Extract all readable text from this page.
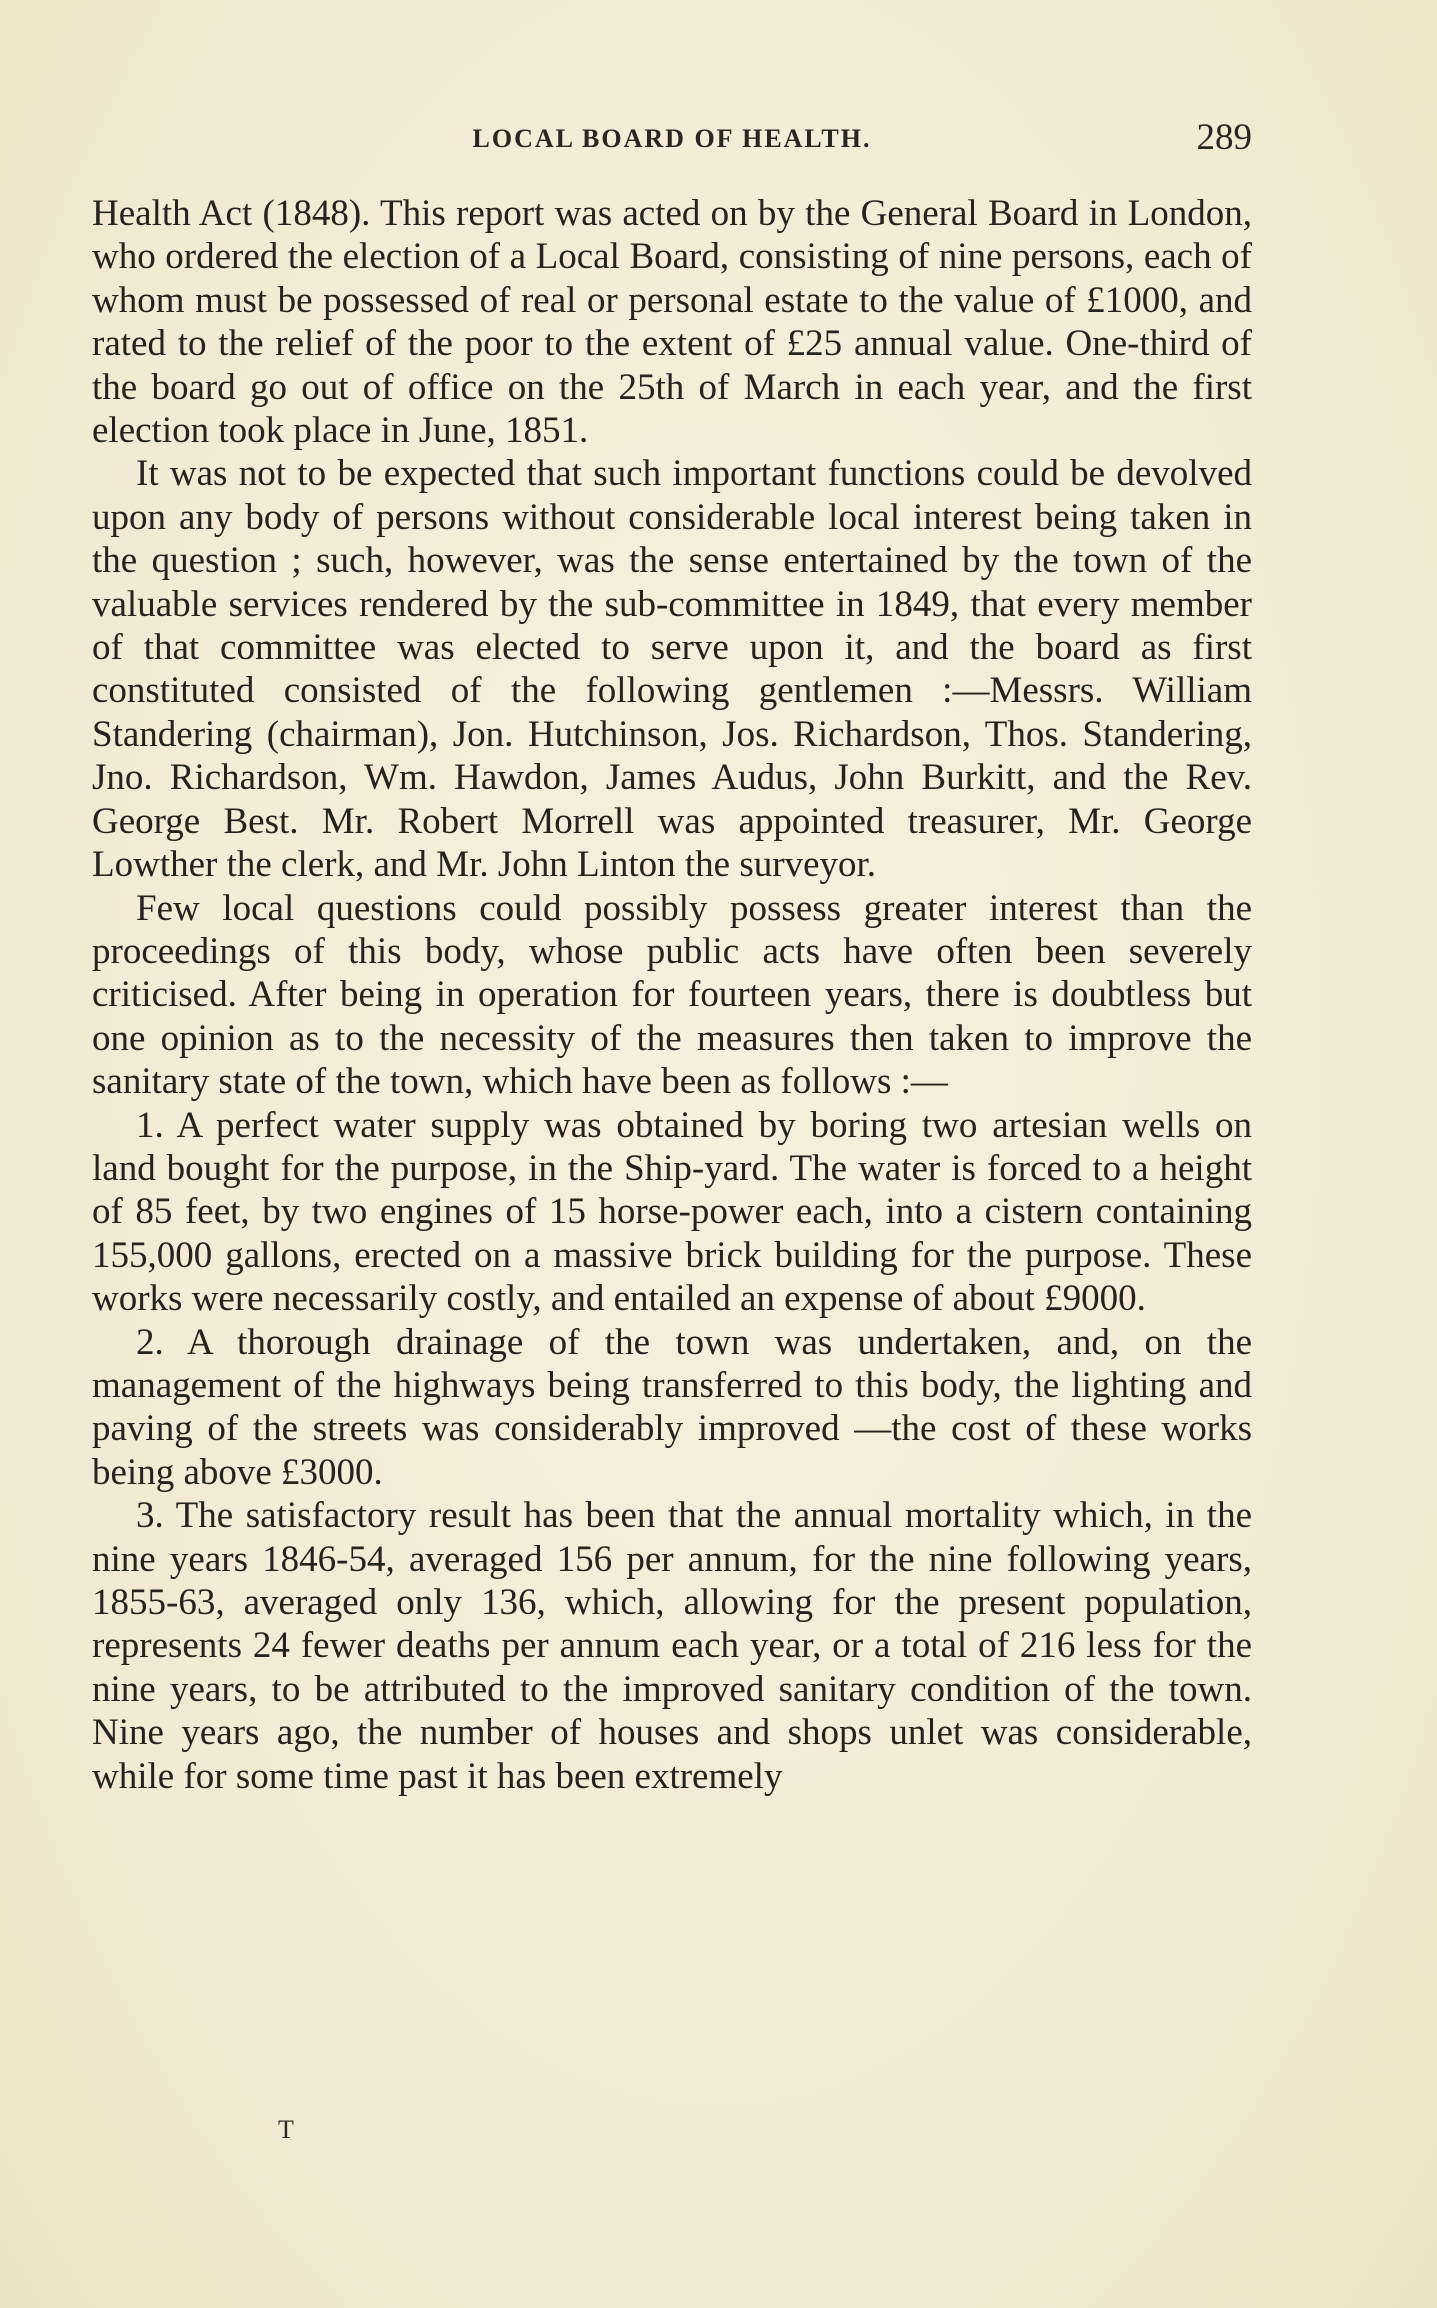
LOCAL BOARD OF HEALTH.	289

Health Act (1848). This report was acted on by the General Board in London, who ordered the election of a Local Board, consisting of nine persons, each of whom must be possessed of real or personal estate to the value of £1000, and rated to the relief of the poor to the extent of £25 annual value. One-third of the board go out of office on the 25th of March in each year, and the first election took place in June, 1851.

It was not to be expected that such important functions could be devolved upon any body of persons without considerable local interest being taken in the question ; such, however, was the sense entertained by the town of the valuable services rendered by the sub-committee in 1849, that every member of that committee was elected to serve upon it, and the board as first constituted consisted of the following gentlemen :—Messrs. William Standering (chairman), Jon. Hutchinson, Jos. Richardson, Thos. Standering, Jno. Richardson, Wm. Hawdon, James Audus, John Burkitt, and the Rev. George Best. Mr. Robert Morrell was appointed treasurer, Mr. George Lowther the clerk, and Mr. John Linton the surveyor.

Few local questions could possibly possess greater interest than the proceedings of this body, whose public acts have often been severely criticised. After being in operation for fourteen years, there is doubtless but one opinion as to the necessity of the measures then taken to improve the sanitary state of the town, which have been as follows :—

1. A perfect water supply was obtained by boring two artesian wells on land bought for the purpose, in the Ship-yard. The water is forced to a height of 85 feet, by two engines of 15 horse-power each, into a cistern containing 155,000 gallons, erected on a massive brick building for the purpose. These works were necessarily costly, and entailed an expense of about £9000.

2. A thorough drainage of the town was undertaken, and, on the management of the highways being transferred to this body, the lighting and paving of the streets was considerably improved —the cost of these works being above £3000.

3. The satisfactory result has been that the annual mortality which, in the nine years 1846-54, averaged 156 per annum, for the nine following years, 1855-63, averaged only 136, which, allowing for the present population, represents 24 fewer deaths per annum each year, or a total of 216 less for the nine years, to be attributed to the improved sanitary condition of the town. Nine years ago, the number of houses and shops unlet was considerable, while for some time past it has been extremely

T
